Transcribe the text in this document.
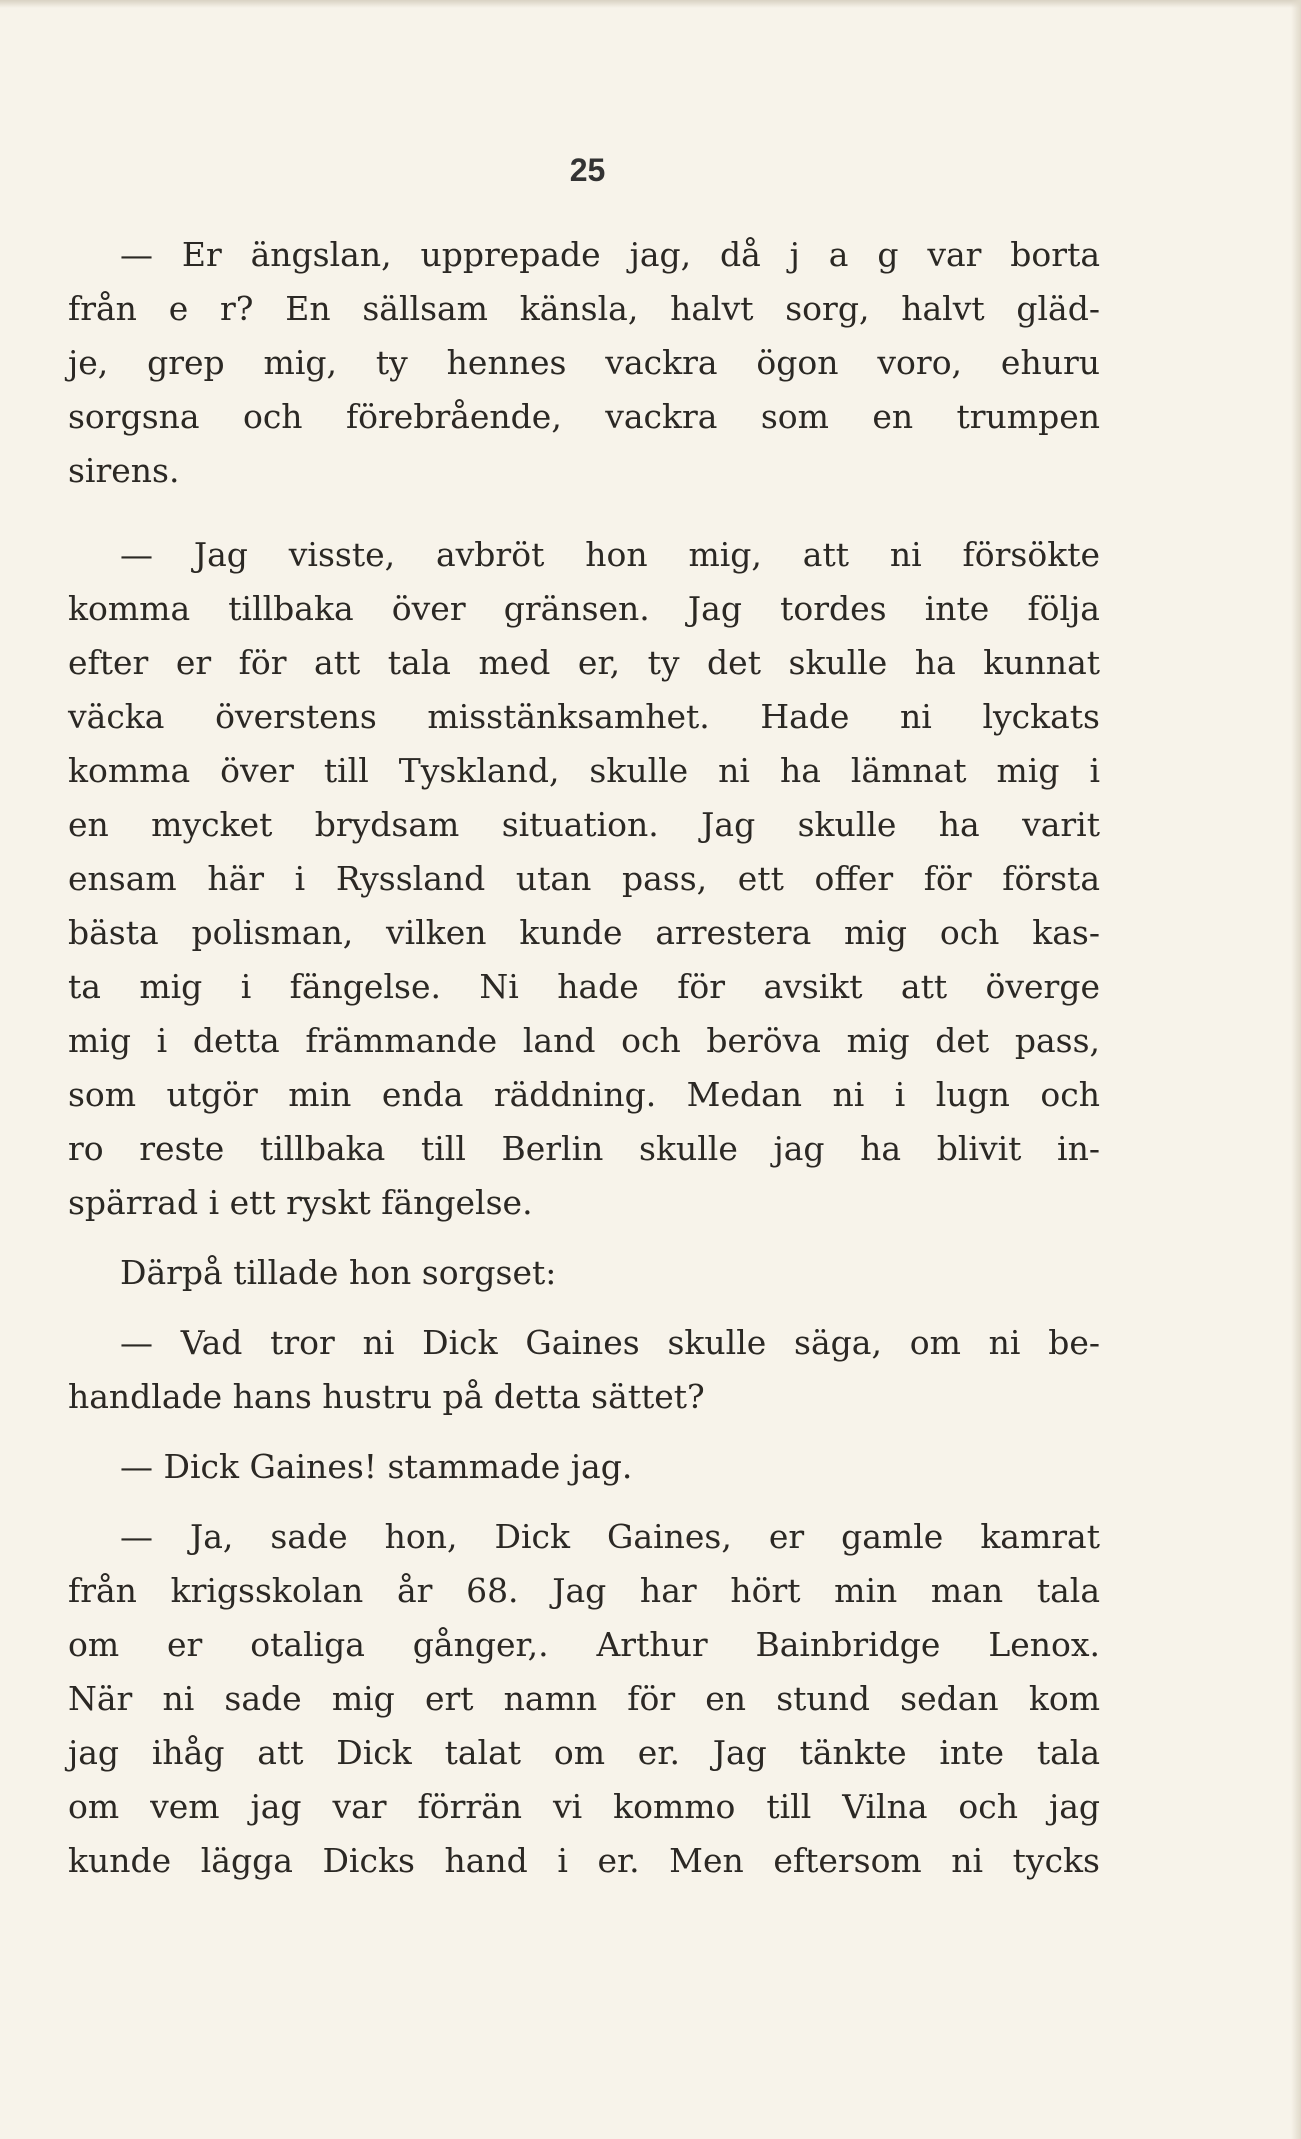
25
— Er ängslan, upprepade jag, då j a g var borta
från e r? En sällsam känsla, halvt sorg, halvt gläd-
je, grep mig, ty hennes vackra ögon voro, ehuru
sorgsna och förebrående, vackra som en trumpen
sirens.
— Jag visste, avbröt hon mig, att ni försökte
komma tillbaka över gränsen. Jag tordes inte följa
efter er för att tala med er, ty det skulle ha kunnat
väcka överstens misstänksamhet. Hade ni lyckats
komma över till Tyskland, skulle ni ha lämnat mig i
en mycket brydsam situation. Jag skulle ha varit
ensam här i Ryssland utan pass, ett offer för första
bästa polisman, vilken kunde arrestera mig och kas-
ta mig i fängelse. Ni hade för avsikt att överge
mig i detta främmande land och beröva mig det pass,
som utgör min enda räddning. Medan ni i lugn och
ro reste tillbaka till Berlin skulle jag ha blivit in-
spärrad i ett ryskt fängelse.
Därpå tillade hon sorgset:
— Vad tror ni Dick Gaines skulle säga, om ni be-
handlade hans hustru på detta sättet?
— Dick Gaines! stammade jag.
— Ja, sade hon, Dick Gaines, er gamle kamrat
från krigsskolan år 68. Jag har hört min man tala
om er otaliga gånger,. Arthur Bainbridge Lenox.
När ni sade mig ert namn för en stund sedan kom
jag ihåg att Dick talat om er. Jag tänkte inte tala
om vem jag var förrän vi kommo till Vilna och jag
kunde lägga Dicks hand i er. Men eftersom ni tycks
